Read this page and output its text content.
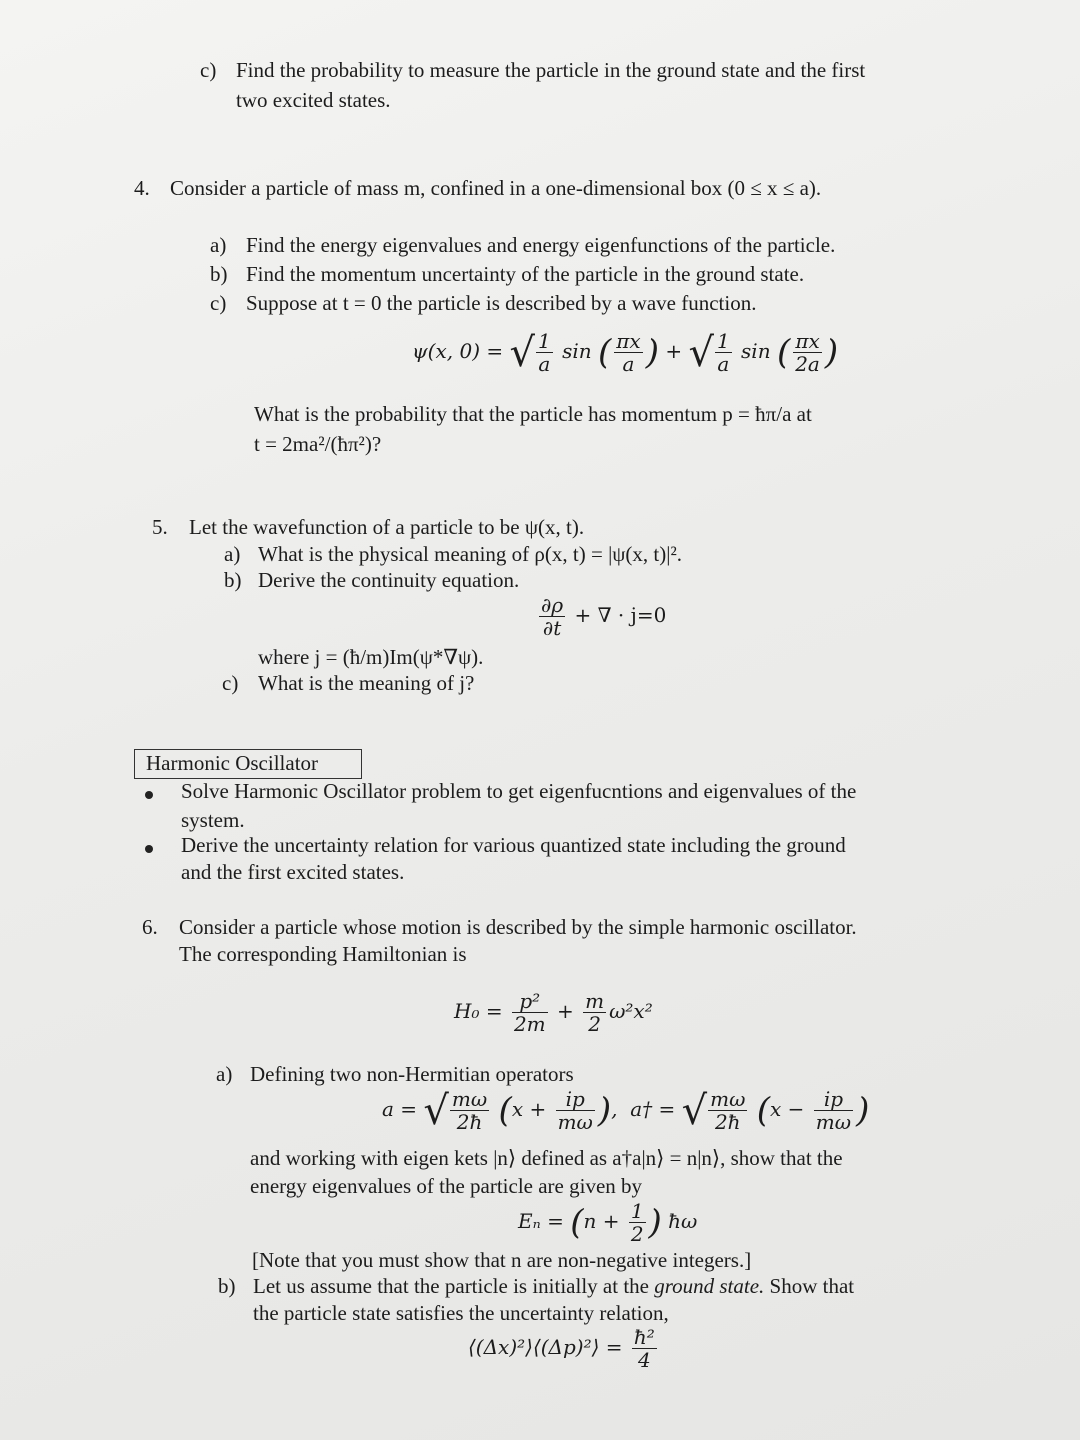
c) Find the probability to measure the particle in the ground state and the first
two excited states.
4. Consider a particle of mass m, confined in a one-dimensional box (0 ≤ x ≤ a).
a) Find the energy eigenvalues and energy eigenfunctions of the particle.
b) Find the momentum uncertainty of the particle in the ground state.
c) Suppose at t = 0 the particle is described by a wave function.
ψ(x, 0) = √ $\frac{1}{a}$ sin ( $\frac{\pi x}{a}$ ) + √ $\frac{1}{a}$ sin ( $\frac{\pi x}{2a}$ )
What is the probability that the particle has momentum p = ħπ/a at
t = 2ma²/(ħπ²)?
5. Let the wavefunction of a particle to be ψ(x, t).
a) What is the physical meaning of ρ(x, t) = |ψ(x, t)|².
b) Derive the continuity equation.
$\frac{\partial\rho}{\partial t}$ + ∇ · j=0
where j = (ħ/m)Im(ψ*∇ψ).
c) What is the meaning of j?
Harmonic Oscillator
Solve Harmonic Oscillator problem to get eigenfucntions and eigenvalues of the
system.
Derive the uncertainty relation for various quantized state including the ground
and the first excited states.
6. Consider a particle whose motion is described by the simple harmonic oscillator.
The corresponding Hamiltonian is
$H_0 = \frac{\text{p²}}{2m} + \frac{m}{2} \omega^2x^2$
a) Defining two non-Hermitian operators
a = √ $\frac{m\omega}{2ħ} (x + \frac{ip}{m\omega}$ ), a† = √ $\frac{m\omega}{2ħ} (x - \frac{ip}{m\omega}$ )
and working with eigen kets |n⟩ defined as a†a|n⟩ = n|n⟩, show that the
energy eigenvalues of the particle are given by
$E_n = (n + \frac{1}{2}$ ) ħω
[Note that you must show that n are non-negative integers.]
b) Let us assume that the particle is initially at the ground state. Show that
the particle state satisfies the uncertainty relation,
⟨(Δx)²⟩⟨(Δp)²⟩ = $\frac{\text{ħ²}}{4}$
